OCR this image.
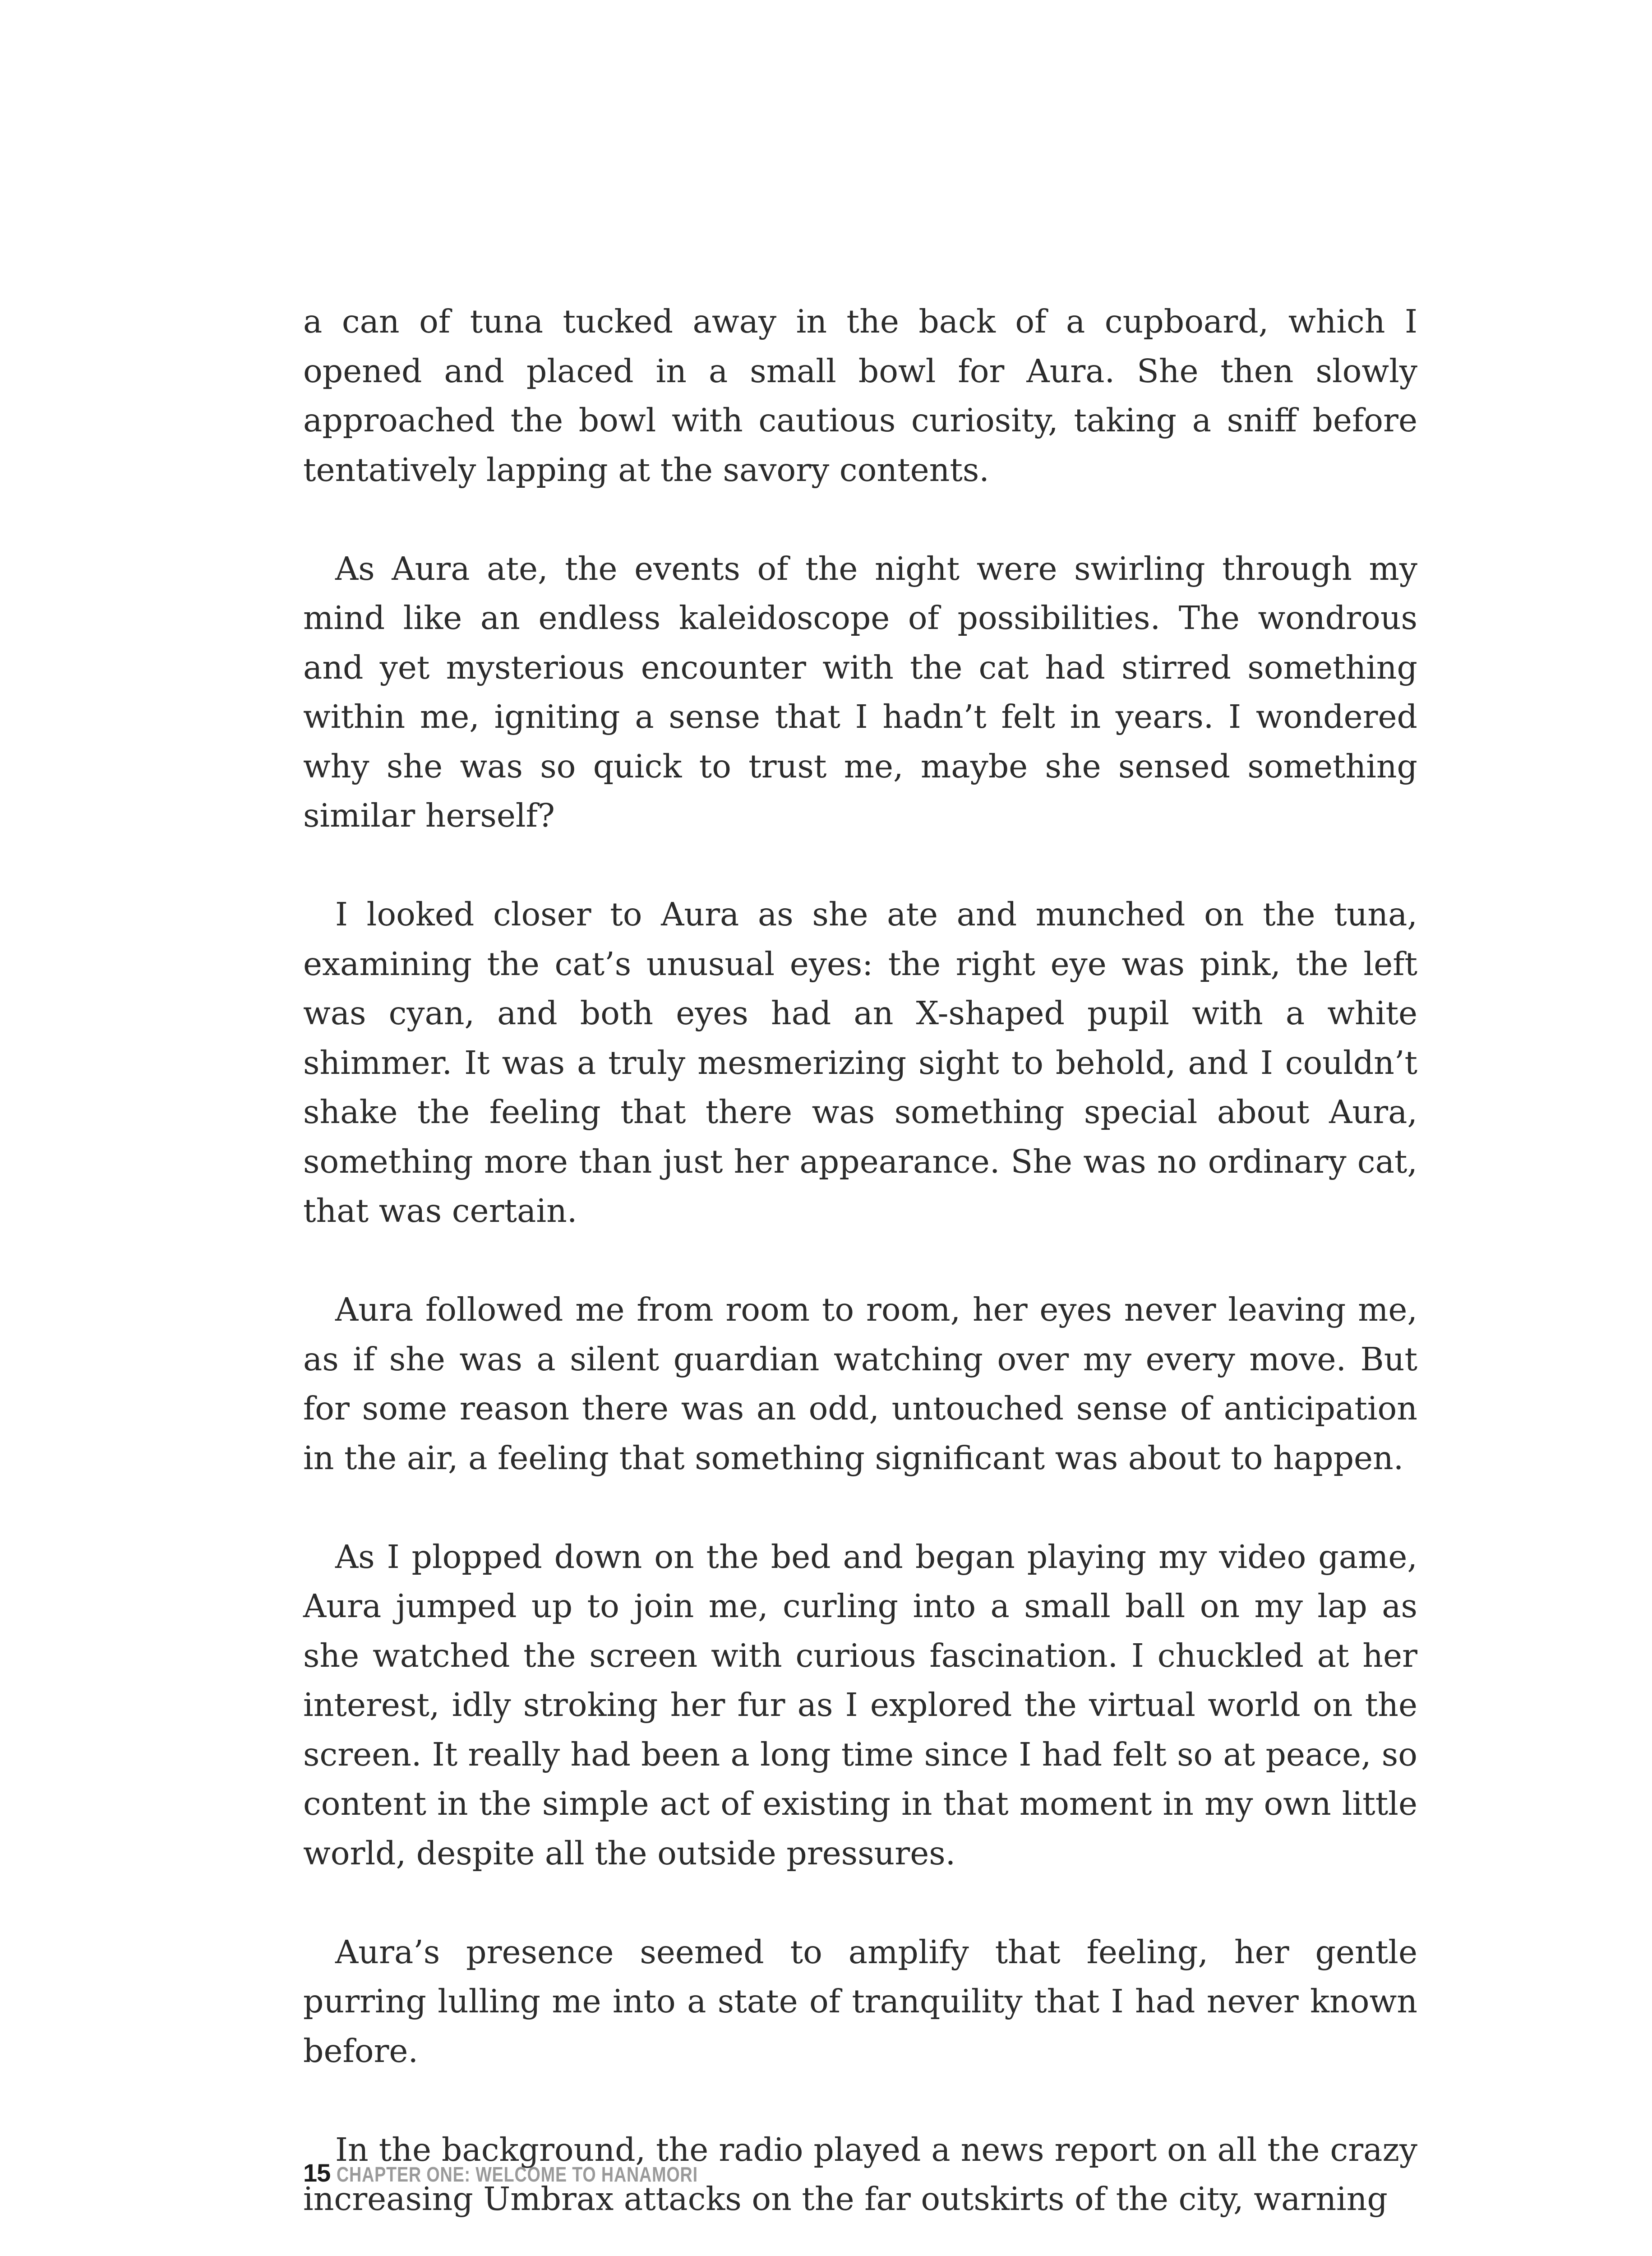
a can of tuna tucked away in the back of a cupboard, which I opened and placed in a small bowl for Aura. She then slowly approached the bowl with cautious curiosity, taking a sniff before tentatively lapping at the savory contents.

As Aura ate, the events of the night were swirling through my mind like an endless kaleidoscope of possibilities. The wondrous and yet mysterious encounter with the cat had stirred something within me, igniting a sense that I hadn’t felt in years. I wondered why she was so quick to trust me, maybe she sensed something similar herself?

I looked closer to Aura as she ate and munched on the tuna, examining the cat’s unusual eyes: the right eye was pink, the left was cyan, and both eyes had an X-shaped pupil with a white shimmer. It was a truly mesmerizing sight to behold, and I couldn’t shake the feeling that there was something special about Aura, something more than just her appearance. She was no ordinary cat, that was certain.

Aura followed me from room to room, her eyes never leaving me, as if she was a silent guardian watching over my every move. But for some reason there was an odd, untouched sense of anticipation in the air, a feeling that something significant was about to happen.

As I plopped down on the bed and began playing my video game, Aura jumped up to join me, curling into a small ball on my lap as she watched the screen with curious fascination. I chuckled at her interest, idly stroking her fur as I explored the virtual world on the screen. It really had been a long time since I had felt so at peace, so content in the simple act of existing in that moment in my own little world, despite all the outside pressures.

Aura’s presence seemed to amplify that feeling, her gentle purring lulling me into a state of tranquility that I had never known before.

In the background, the radio played a news report on all the crazy increasing Umbrax attacks on the far outskirts of the city, warning

15 CHAPTER ONE: WELCOME TO HANAMORI
